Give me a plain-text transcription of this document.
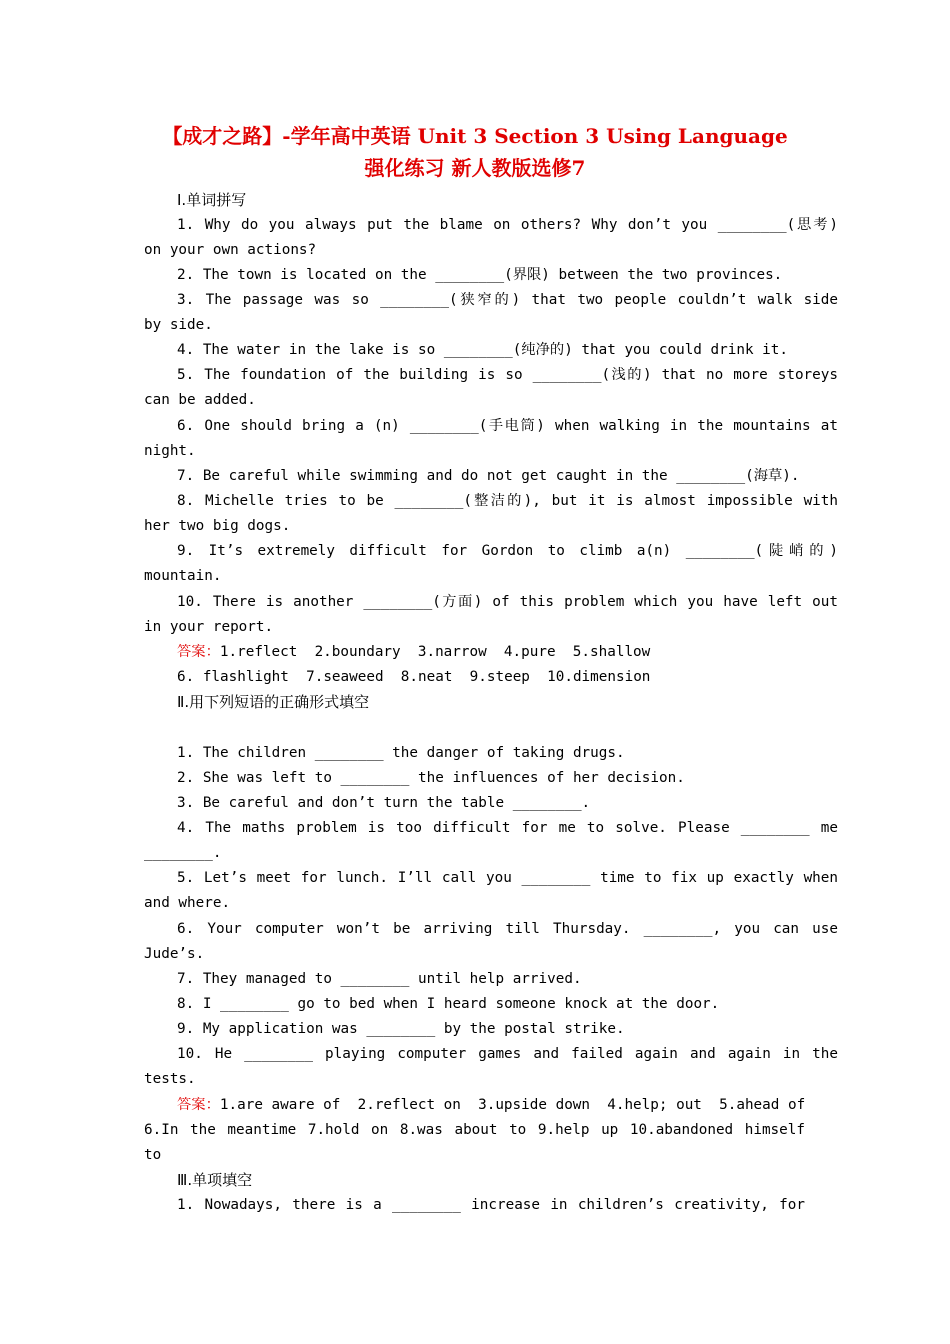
【成才之路】-学年高中英语 Unit 3 Section 3 Using Language
强化练习 新人教版选修7
Ⅰ.单词拼写
1. Why do you always put the blame on others? Why don’t you ________(思考)
on your own actions?
2. The town is located on the ________(界限) between the two provinces.
3. The passage was so ________(狭窄的) that two people couldn’t walk side
by side.
4. The water in the lake is so ________(纯净的) that you could drink it.
5. The foundation of the building is so ________(浅的) that no more storeys
can be added.
6. One should bring a (n) ________(手电筒) when walking in the mountains at
night.
7. Be careful while swimming and do not get caught in the ________(海草).
8. Michelle tries to be ________(整洁的), but it is almost impossible with
her two big dogs.
9. It’s extremely difficult for Gordon to climb a(n) ________(陡峭的)
mountain.
10. There is another ________(方面) of this problem which you have left out
in your report.
答案：1.reflect  2.boundary  3.narrow  4.pure  5.shallow
6. flashlight  7.seaweed  8.neat  9.steep  10.dimension
Ⅱ.用下列短语的正确形式填空
1. The children ________ the danger of taking drugs.
2. She was left to ________ the influences of her decision.
3. Be careful and don’t turn the table ________.
4. The maths problem is too difficult for me to solve. Please ________ me
________.
5. Let’s meet for lunch. I’ll call you ________ time to fix up exactly when
and where.
6. Your computer won’t be arriving till Thursday. ________, you can use
Jude’s.
7. They managed to ________ until help arrived.
8. I ________ go to bed when I heard someone knock at the door.
9. My application was ________ by the postal strike.
10. He ________ playing computer games and failed again and again in the
tests.
答案：1.are aware of  2.reflect on  3.upside down  4.help; out  5.ahead of
6.In the meantime 7.hold on 8.was about to 9.help up 10.abandoned himself
to
Ⅲ.单项填空
1. Nowadays, there is a ________ increase in children’s creativity, for
